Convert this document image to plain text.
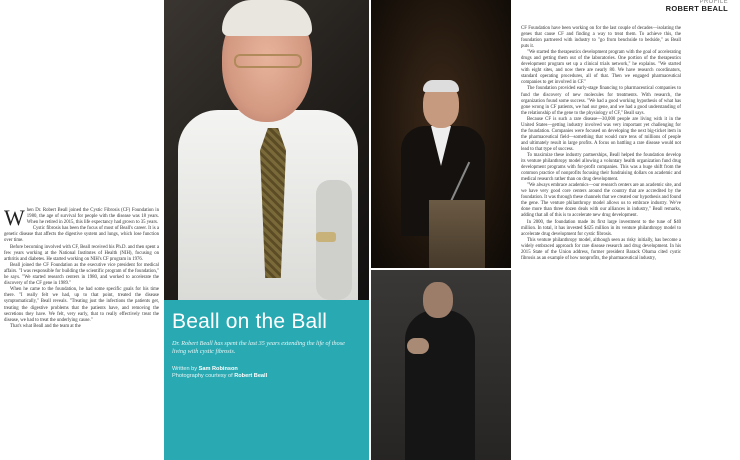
PROFILE
ROBERT BEALL

When Dr. Robert Beall joined the Cystic Fibrosis (CF) Foundation in 1980, the age of survival for people with the disease was 18 years. When he retired in 2015, this life expectancy had grown to 35 years.

Cystic fibrosis has been the focus of most of Beall's career. It is a genetic disease that affects the digestive system and lungs, which lose function over time.

Before becoming involved with CF, Beall received his Ph.D. and then spent a few years working at the National Institutes of Health (NIH), focusing on arthritis and diabetes. He started working on NIH's CF program in 1976.

Beall joined the CF Foundation as the executive vice president for medical affairs. "I was responsible for building the scientific program of the foundation," he says. "We started research centers in 1980, and worked to accelerate the discovery of the CF gene in 1989."

When he came to the foundation, he had some specific goals for his time there. "I really felt we had, up to that point, treated the disease symptomatically," Beall reveals. "Treating just the infections the patients get, treating the digestive problems that the patients have, and removing the secretions they have. We felt, very early, that to really effectively treat the disease, we had to treat the underlying cause."

That's what Beall and the team at the	Beall on the Ball
Dr. Robert Beall has spent the last 35 years extending the life of those living with cystic fibrosis.
Written by Sam Robinson
Photography courtesy of Robert Beall

CF Foundation have been working on for the last couple of decades—isolating the genes that cause CF and finding a way to treat them. To achieve this, the foundation partnered with industry to "go from benchside to bedside," as Beall puts it.

"We started the therapeutics development program with the goal of accelerating drugs and getting them out of the laboratories. One portion of the therapeutics development program set up a clinical trials network," he explains. "We started with eight sites, and now there are nearly 80. We have research coordinators, standard operating procedures, all of that. Then we engaged pharmaceutical companies to get involved in CF."

The foundation provided early-stage financing to pharmaceutical companies to fund the discovery of new molecules for treatments. With research, the organization found some success. "We had a good working hypothesis of what has gone wrong in CF patients, we had our gene, and we had a good understanding of the relationship of the gene to the physiology of CF," Beall says.

Because CF is such a rare disease—30,000 people are living with it in the United States—getting industry involved was very important yet challenging for the foundation. Companies were focused on developing the next big-ticket item in the pharmaceutical field—something that would cure tens of millions of people and ultimately result in large profits. A focus on battling a rare disease would not lead to that type of success.

To maximize these industry partnerships, Beall helped the foundation develop its venture philanthropy model allowing a voluntary health organization fund drug development programs with for-profit companies. This was a huge shift from the common practice of nonprofits focusing their fundraising dollars on academic and medical research rather than on drug development.

"We always embrace academics—our research centers are an academic site, and we have very good core centers around the country that are accredited by the foundation. It was through these channels that we created our hypothesis and found the gene. The venture philanthropy model allows us to embrace industry. We've done more than three dozen deals with our alliances in industry," Beall remarks, adding that all of this is to accelerate new drug development.

In 2000, the foundation made its first large investment to the tune of $40 million. In total, it has invested $425 million in its venture philanthropy model to accelerate drug development for cystic fibrosis.

This venture philanthropy model, although seen as risky initially, has become a widely embraced approach for rare disease research and drug development. In his 2015 State of the Union address, former president Barack Obama cited cystic fibrosis as an example of how nonprofits, the pharmaceutical industry,
